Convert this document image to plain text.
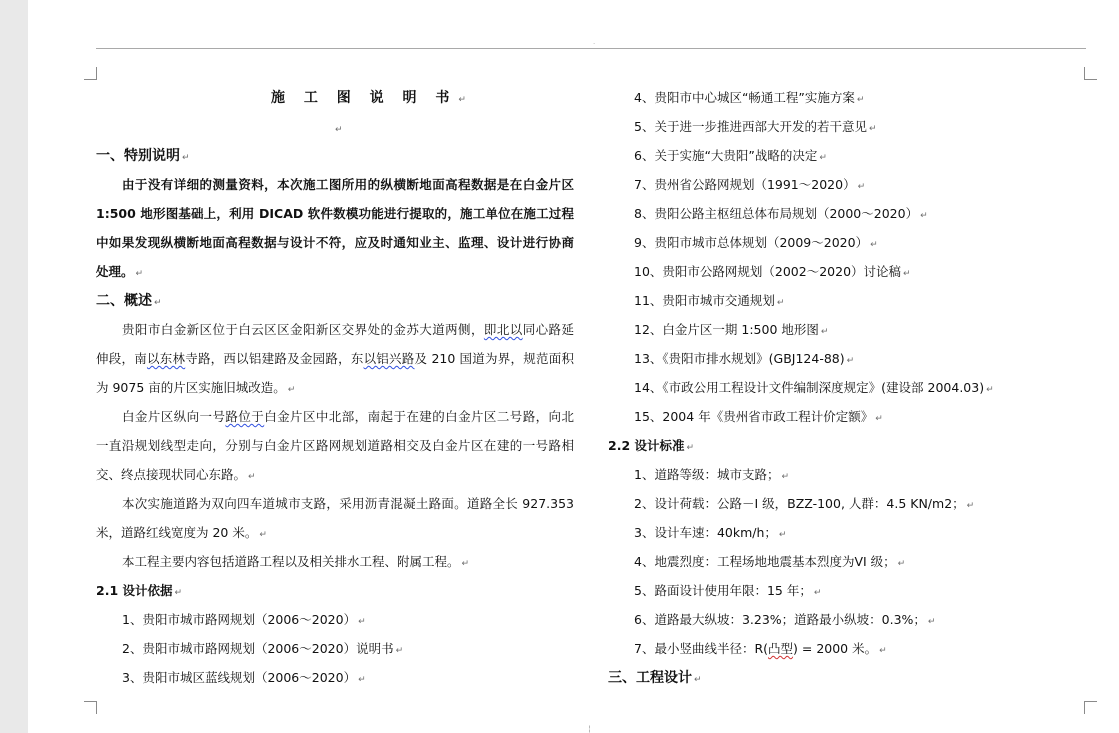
·
施 工 图 说 明 书 ↵
↵
一、特别说明 ↵
由于没有详细的测量资料，本次施工图所用的纵横断地面高程数据是在白金片区
1:500 地形图基础上，利用 DICAD 软件数模功能进行提取的，施工单位在施工过程
中如果发现纵横断地面高程数据与设计不符，应及时通知业主、监理、设计进行协商
处理。 ↵
二、概述 ↵
贵阳市白金新区位于白云区区金阳新区交界处的金苏大道两侧，即北以同心路延
伸段，南以东林寺路，西以铝建路及金园路，东以铝兴路及 210 国道为界，规范面积
为 9075 亩的片区实施旧城改造。 ↵
白金片区纵向一号路位于白金片区中北部，南起于在建的白金片区二号路，向北
一直沿规划线型走向，分别与白金片区路网规划道路相交及白金片区在建的一号路相
交、终点接现状同心东路。 ↵
本次实施道路为双向四车道城市支路，采用沥青混凝土路面。道路全长 927.353
米，道路红线宽度为 20 米。 ↵
本工程主要内容包括道路工程以及相关排水工程、附属工程。 ↵
2.1 设计依据 ↵
1、贵阳市城市路网规划（2006～2020） ↵
2、贵阳市城市路网规划（2006～2020）说明书 ↵
3、贵阳市城区蓝线规划（2006～2020） ↵
4、贵阳市中心城区“畅通工程”实施方案 ↵
5、关于进一步推进西部大开发的若干意见 ↵
6、关于实施“大贵阳”战略的决定 ↵
7、贵州省公路网规划（1991～2020） ↵
8、贵阳公路主枢纽总体布局规划（2000～2020） ↵
9、贵阳市城市总体规划（2009～2020） ↵
10、贵阳市公路网规划（2002～2020）讨论稿 ↵
11、贵阳市城市交通规划 ↵
12、白金片区一期 1:500 地形图 ↵
13、《贵阳市排水规划》(GBJ124-88) ↵
14、《市政公用工程设计文件编制深度规定》(建设部 2004.03) ↵
15、2004 年《贵州省市政工程计价定额》 ↵
2.2 设计标准 ↵
1、道路等级：城市支路； ↵
2、设计荷载：公路－I 级，BZZ-100, 人群：4.5 KN/m2； ↵
3、设计车速：40km/h； ↵
4、地震烈度：工程场地地震基本烈度为VI 级； ↵
5、路面设计使用年限：15 年； ↵
6、道路最大纵坡：3.23%；道路最小纵坡：0.3%； ↵
7、最小竖曲线半径：R(凸型) = 2000 米。 ↵
三、工程设计 ↵
¦
